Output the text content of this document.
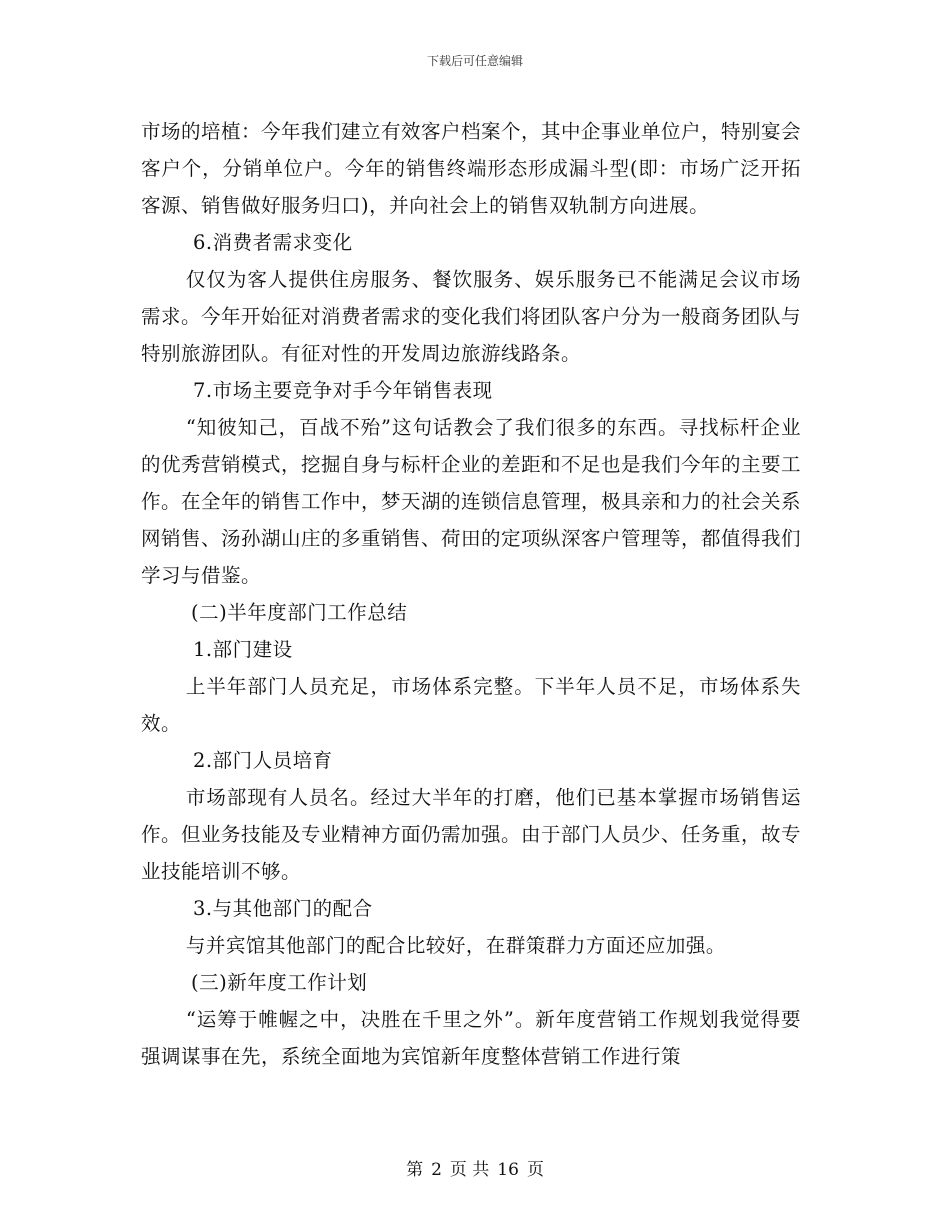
下载后可任意编辑

市场的培植：今年我们建立有效客户档案个，其中企事业单位户，特别宴会客户个，分销单位户。今年的销售终端形态形成漏斗型(即：市场广泛开拓客源、销售做好服务归口)，并向社会上的销售双轨制方向进展。

6.消费者需求变化

仅仅为客人提供住房服务、餐饮服务、娱乐服务已不能满足会议市场需求。今年开始征对消费者需求的变化我们将团队客户分为一般商务团队与特别旅游团队。有征对性的开发周边旅游线路条。

7.市场主要竞争对手今年销售表现

“知彼知己，百战不殆”这句话教会了我们很多的东西。寻找标杆企业的优秀营销模式，挖掘自身与标杆企业的差距和不足也是我们今年的主要工作。在全年的销售工作中，梦天湖的连锁信息管理，极具亲和力的社会关系网销售、汤孙湖山庄的多重销售、荷田的定项纵深客户管理等，都值得我们学习与借鉴。

(二)半年度部门工作总结

1.部门建设

上半年部门人员充足，市场体系完整。下半年人员不足，市场体系失效。

2.部门人员培育

市场部现有人员名。经过大半年的打磨，他们已基本掌握市场销售运作。但业务技能及专业精神方面仍需加强。由于部门人员少、任务重，故专业技能培训不够。

3.与其他部门的配合

与并宾馆其他部门的配合比较好，在群策群力方面还应加强。

(三)新年度工作计划

“运筹于帷幄之中，决胜在千里之外”。新年度营销工作规划我觉得要强调谋事在先，系统全面地为宾馆新年度整体营销工作进行策

第 2 页 共 16 页
